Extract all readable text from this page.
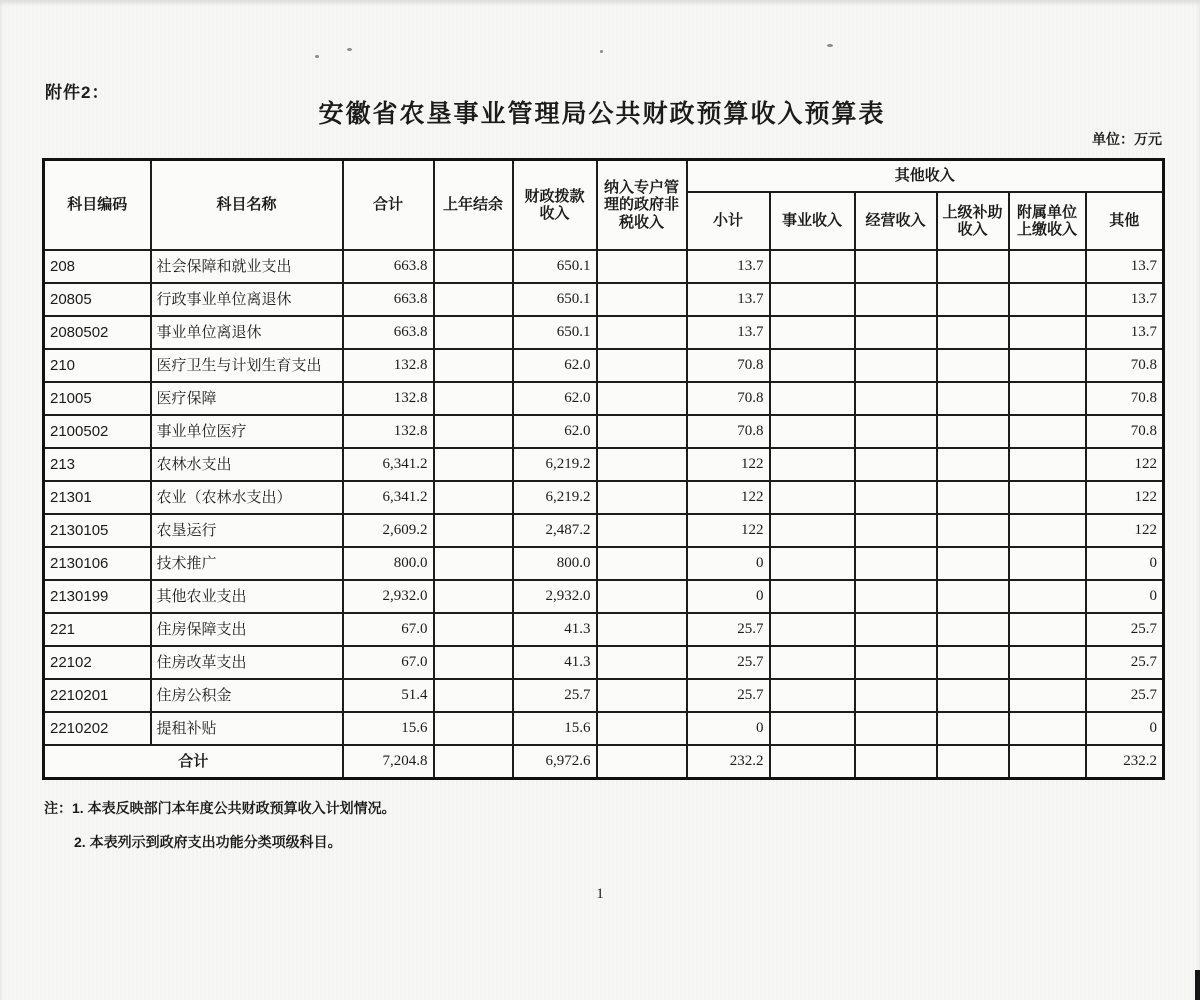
附件2：
安徽省农垦事业管理局公共财政预算收入预算表
单位：万元
科目编码	科目名称	合计	上年结余	财政拨款收入	纳入专户管理的政府非税收入	其他收入					
						小计	事业收入	经营收入	上级补助收入	附属单位上缴收入	其他
208	社会保障和就业支出	663.8		650.1		13.7					13.7
20805	行政事业单位离退休	663.8		650.1		13.7					13.7
2080502	事业单位离退休	663.8		650.1		13.7					13.7
210	医疗卫生与计划生育支出	132.8		62.0		70.8					70.8
21005	医疗保障	132.8		62.0		70.8					70.8
2100502	事业单位医疗	132.8		62.0		70.8					70.8
213	农林水支出	6,341.2		6,219.2		122					122
21301	农业（农林水支出）	6,341.2		6,219.2		122					122
2130105	农垦运行	2,609.2		2,487.2		122					122
2130106	技术推广	800.0		800.0		0					0
2130199	其他农业支出	2,932.0		2,932.0		0					0
221	住房保障支出	67.0		41.3		25.7					25.7
22102	住房改革支出	67.0		41.3		25.7					25.7
2210201	住房公积金	51.4		25.7		25.7					25.7
2210202	提租补贴	15.6		15.6		0					0
合计		7,204.8		6,972.6		232.2					232.2
注：1. 本表反映部门本年度公共财政预算收入计划情况。
2. 本表列示到政府支出功能分类项级科目。
1
